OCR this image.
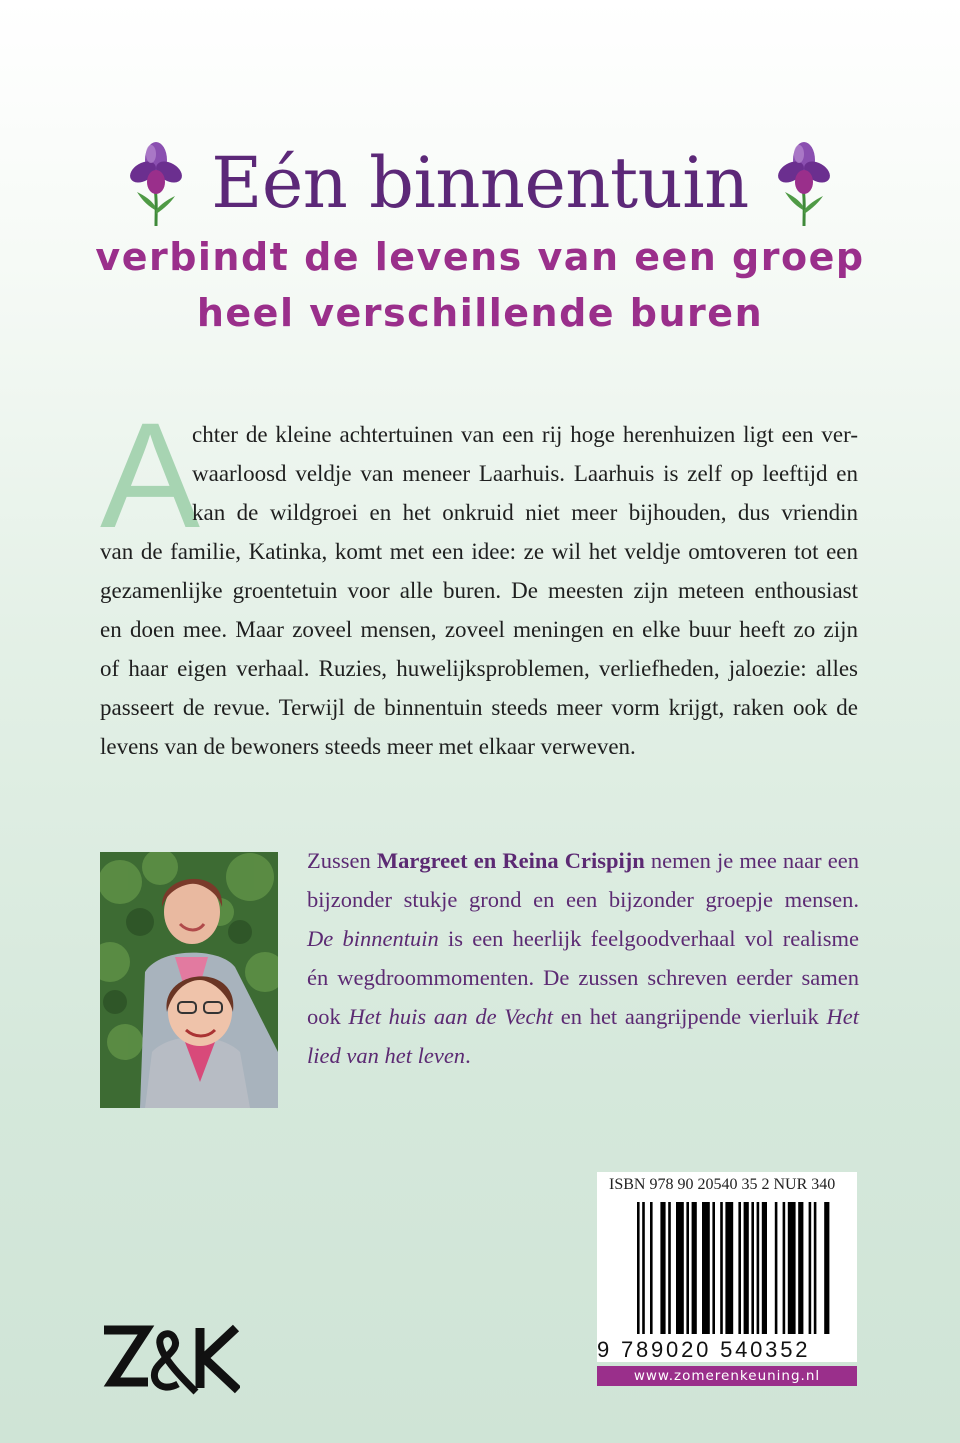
Eén binnentuin
verbindt de levens van een groep
heel verschillende buren
A
chter de kleine achtertuinen van een rij hoge herenhuizen ligt een ver-
waarloosd veldje van meneer Laarhuis. Laarhuis is zelf op leeftijd en
kan de wildgroei en het onkruid niet meer bijhouden, dus vriendin
van de familie, Katinka, komt met een idee: ze wil het veldje omtoveren tot een
gezamenlijke groentetuin voor alle buren. De meesten zijn meteen enthousiast
en doen mee. Maar zoveel mensen, zoveel meningen en elke buur heeft zo zijn
of haar eigen verhaal. Ruzies, huwelijksproblemen, verliefheden, jaloezie: alles
passeert de revue. Terwijl de binnentuin steeds meer vorm krijgt, raken ook de
levens van de bewoners steeds meer met elkaar verweven.
Zussen Margreet en Reina Crispijn nemen je mee naar een
bijzonder stukje grond en een bijzonder groepje mensen.
De binnentuin is een heerlijk feelgoodverhaal vol realisme
én wegdroommomenten. De zussen schreven eerder samen
ook Het huis aan de Vecht en het aangrijpende vierluik Het
lied van het leven.
ISBN 978 90 20540 35 2 NUR 340
9 789020 540352
www.zomerenkeuning.nl
